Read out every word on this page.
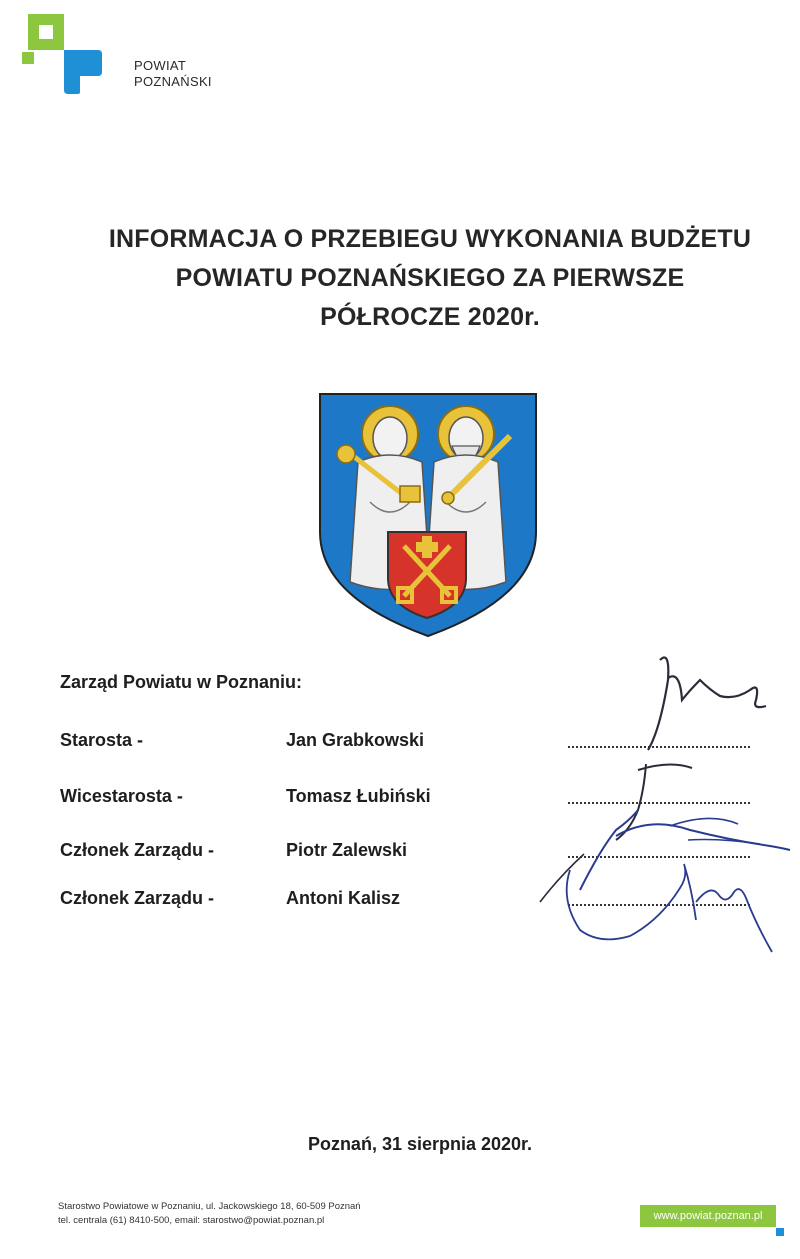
POWIAT
POZNAŃSKI
INFORMACJA O PRZEBIEGU WYKONANIA BUDŻETU
POWIATU POZNAŃSKIEGO ZA PIERWSZE
PÓŁROCZE 2020r.
Zarząd Powiatu w Poznaniu:
Starosta -	Jan Grabkowski
Wicestarosta -	Tomasz Łubiński
Członek Zarządu -	Piotr Zalewski
Członek Zarządu -	Antoni Kalisz
Poznań, 31 sierpnia 2020r.
Starostwo Powiatowe w Poznaniu, ul. Jackowskiego 18, 60-509 Poznań
tel. centrala (61) 8410-500, email: starostwo@powiat.poznan.pl	www.powiat.poznan.pl
